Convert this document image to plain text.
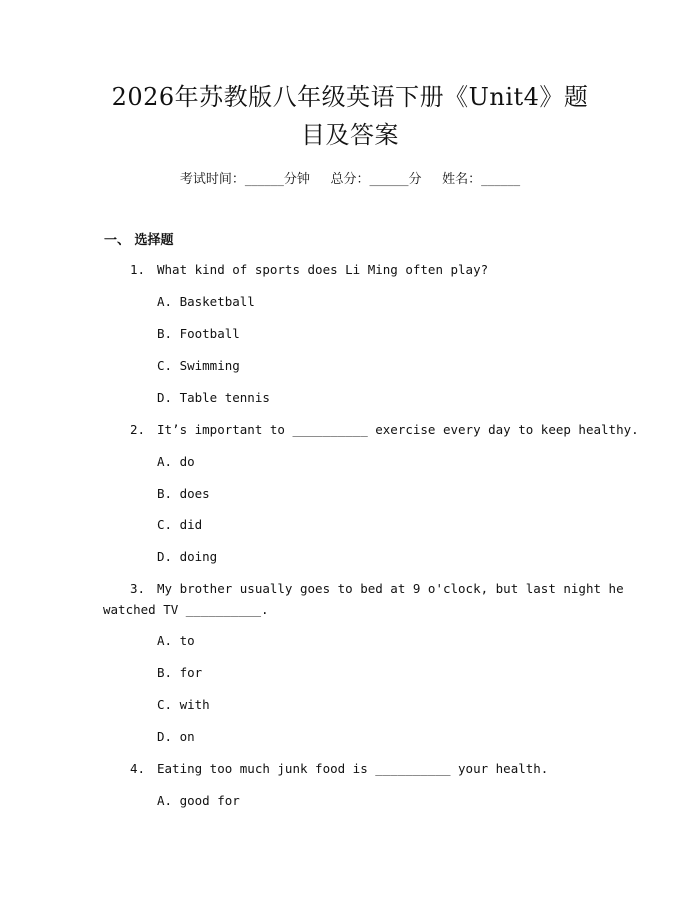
2026年苏教版八年级英语下册《Unit4》题
目及答案
考试时间：______分钟     总分：______分     姓名：______
一、 选择题
1. What kind of sports does Li Ming often play?
A. Basketball
B. Football
C. Swimming
D. Table tennis
2. It’s important to __________ exercise every day to keep healthy.
A. do
B. does
C. did
D. doing
3. My brother usually goes to bed at 9 o'clock, but last night he
watched TV __________.
A. to
B. for
C. with
D. on
4. Eating too much junk food is __________ your health.
A. good for
